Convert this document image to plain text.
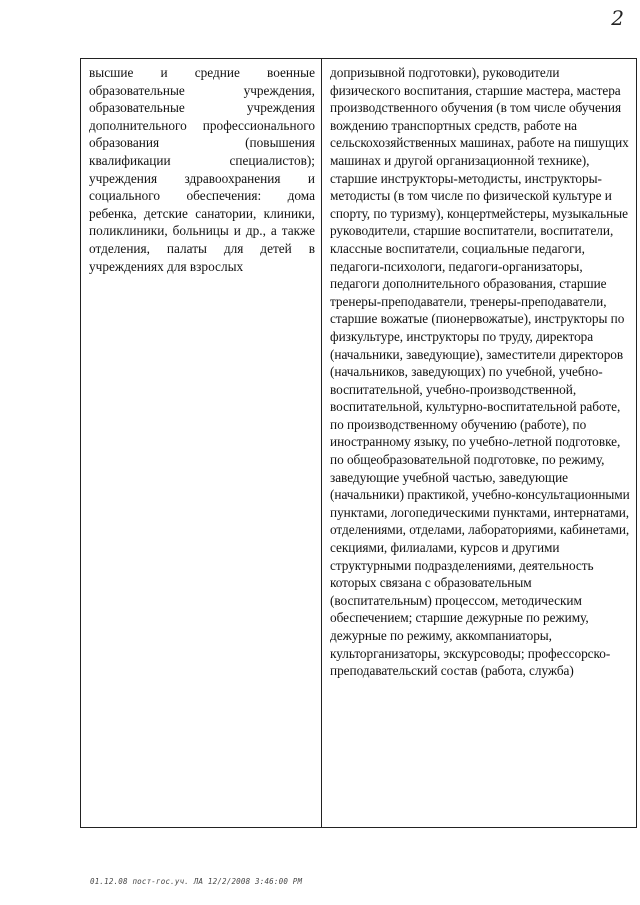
2
высшие и средние военные образовательные учреждения, образовательные учреждения дополнительного профессионального образования (повышения квалификации специалистов); учреждения здравоохранения и социального обеспечения: дома ребенка, детские санатории, клиники, поликлиники, больницы и др., а также отделения, палаты для детей в учреждениях для взрослых

допризывной подготовки), руководители физического воспитания, старшие мастера, мастера производственного обучения (в том числе обучения вождению транспортных средств, работе на сельскохозяйственных машинах, работе на пишущих машинах и другой организационной технике), старшие инструкторы-методисты, инструкторы-методисты (в том числе по физической культуре и спорту, по туризму), концертмейстеры, музыкальные руководители, старшие воспитатели, воспитатели, классные воспитатели, социальные педагоги, педагоги-психологи, педагоги-организаторы, педагоги дополнительного образования, старшие тренеры-преподаватели, тренеры-преподаватели, старшие вожатые (пионервожатые), инструкторы по физкультуре, инструкторы по труду, директора (начальники, заведующие), заместители директоров (начальников, заведующих) по учебной, учебно-воспитательной, учебно-производственной, воспитательной, культурно-воспитательной работе, по производственному обучению (работе), по иностранному языку, по учебно-летной подготовке, по общеобразовательной подготовке, по режиму, заведующие учебной частью, заведующие (начальники) практикой, учебно-консультационными пунктами, логопедическими пунктами, интернатами, отделениями, отделами, лабораториями, кабинетами, секциями, филиалами, курсов и другими структурными подразделениями, деятельность которых связана с образовательным (воспитательным) процессом, методическим обеспечением; старшие дежурные по режиму, дежурные по режиму, аккомпаниаторы, культорганизаторы, экскурсоводы; профессорско-преподавательский состав (работа, служба)
01.12.08 пост-гос.уч. ЛА 12/2/2008 3:46:00 PM
